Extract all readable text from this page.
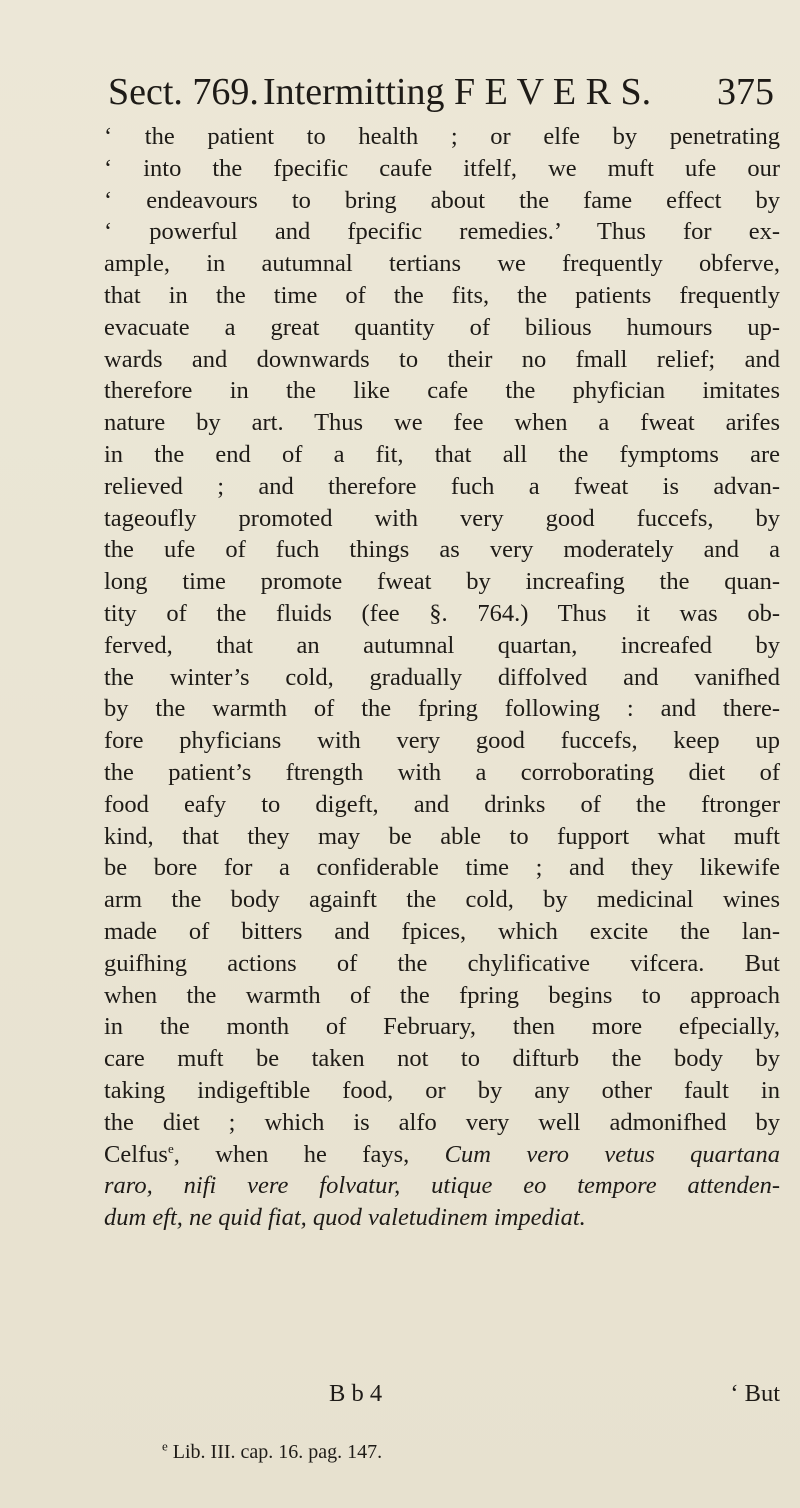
Sect. 769. Intermitting F E V E R S. 375
‘ the patient to health ; or elfe by penetrating
‘ into the fpecific caufe itfelf, we muft ufe our
‘ endeavours to bring about the fame effect by
‘ powerful and fpecific remedies.’ Thus for ex-
ample, in autumnal tertians we frequently obferve,
that in the time of the fits, the patients frequently
evacuate a great quantity of bilious humours up-
wards and downwards to their no fmall relief; and
therefore in the like cafe the phyfician imitates
nature by art. Thus we fee when a fweat arifes
in the end of a fit, that all the fymptoms are
relieved ; and therefore fuch a fweat is advan-
tageoufly promoted with very good fuccefs, by
the ufe of fuch things as very moderately and a
long time promote fweat by increafing the quan-
tity of the fluids (fee §. 764.) Thus it was ob-
ferved, that an autumnal quartan, increafed by
the winter’s cold, gradually diffolved and vanifhed
by the warmth of the fpring following : and there-
fore phyficians with very good fuccefs, keep up
the patient’s ftrength with a corroborating diet of
food eafy to digeft, and drinks of the ftronger
kind, that they may be able to fupport what muft
be bore for a confiderable time ; and they likewife
arm the body againft the cold, by medicinal wines
made of bitters and fpices, which excite the lan-
guifhing actions of the chylificative vifcera. But
when the warmth of the fpring begins to approach
in the month of February, then more efpecially,
care muft be taken not to difturb the body by
taking indigeftible food, or by any other fault in
the diet ; which is alfo very well admonifhed by
Celfus$^e$, when he fays, Cum vero vetus quartana
raro, nifi vere folvatur, utique eo tempore attenden-
dum eft, ne quid fiat, quod valetudinem impediat.
B b 4	‘ But
$^e$ Lib. III. cap. 16. pag. 147.
